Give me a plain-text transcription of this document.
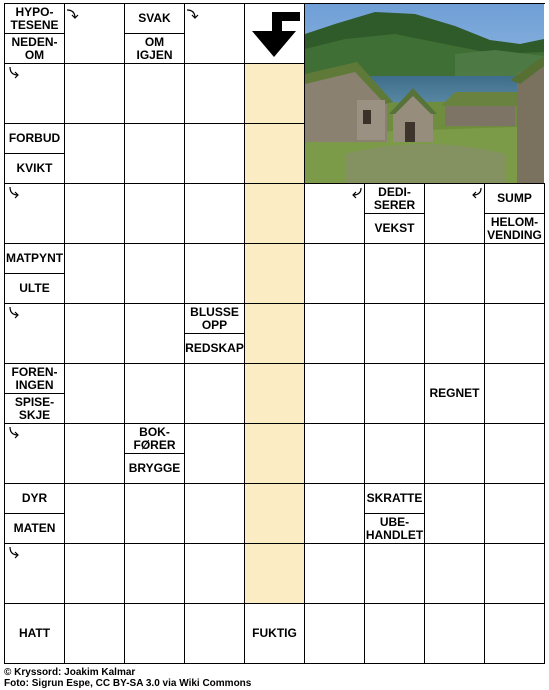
HYPO-
TESENE
NEDEN-
OM
SVAK
OM
IGJEN
FORBUD
KVIKT
DEDI-
SERER
VEKST
SUMP
HELOM-
VENDING
MATPYNT
ULTE
BLUSSE
OPP
REDSKAP
FOREN-
INGEN
SPISE-
SKJE
REGNET
BOK-
FØRER
BRYGGE
DYR
MATEN
SKRATTE
UBE-
HANDLET
HATT	FUKTIG
© Kryssord: Joakim Kalmar
Foto: Sigrun Espe, CC BY-SA 3.0 via Wiki Commons
